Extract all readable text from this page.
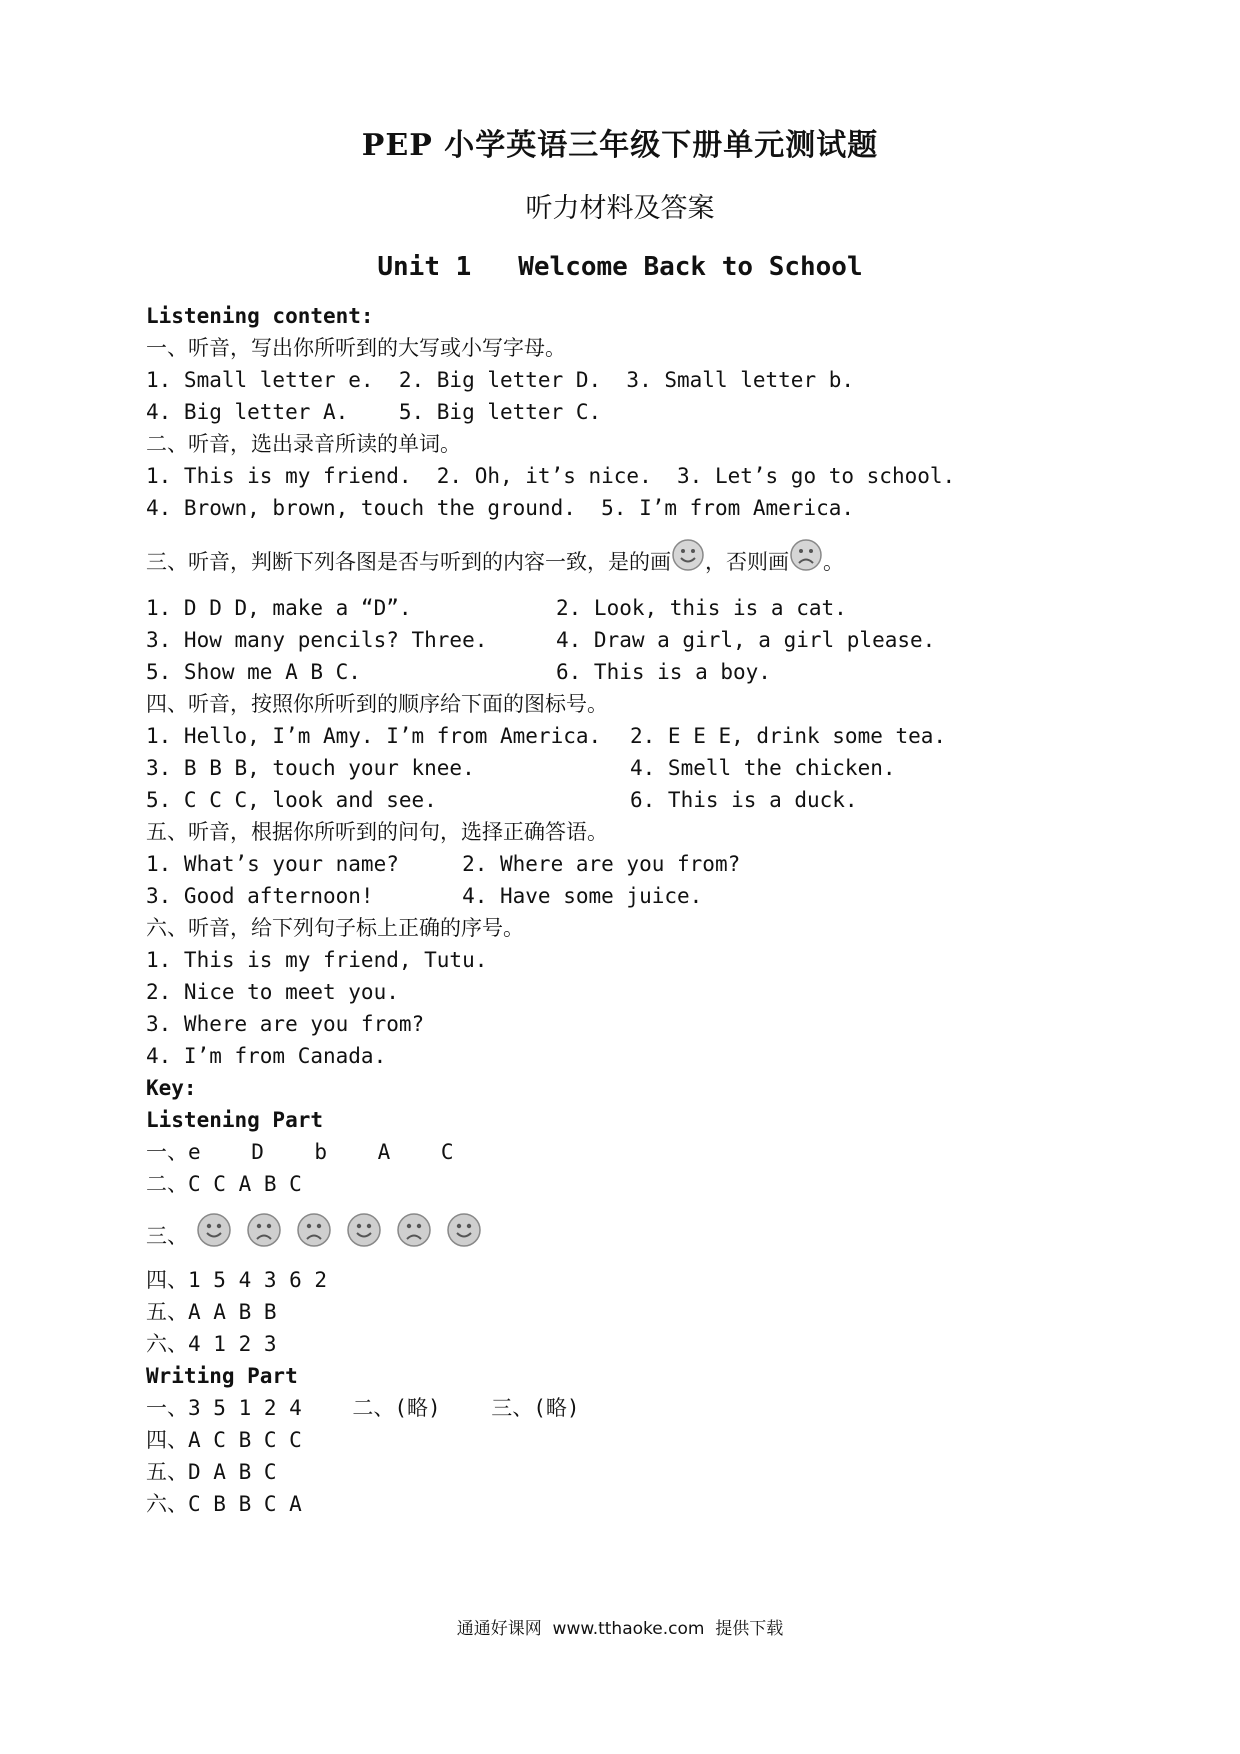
PEP 小学英语三年级下册单元测试题
听力材料及答案
Unit 1   Welcome Back to School
Listening content:
一、听音，写出你所听到的大写或小写字母。
1. Small letter e.  2. Big letter D.  3. Small letter b.
4. Big letter A.    5. Big letter C.
二、听音，选出录音所读的单词。
1. This is my friend.  2. Oh, it’s nice.  3. Let’s go to school.
4. Brown, brown, touch the ground.  5. I’m from America.
三、听音，判断下列各图是否与听到的内容一致，是的画 ，否则画 。
1. D D D, make a “D”.	2. Look, this is a cat.
3. How many pencils? Three.	4. Draw a girl, a girl please.
5. Show me A B C.	6. This is a boy.
四、听音，按照你所听到的顺序给下面的图标号。
1. Hello, I’m Amy. I’m from America. 2. E E E, drink some tea.
3. B B B, touch your knee.	4. Smell the chicken.
5. C C C, look and see.	6. This is a duck.
五、听音，根据你所听到的问句，选择正确答语。
1. What’s your name?     2. Where are you from?
3. Good afternoon!       4. Have some juice.
六、听音，给下列句子标上正确的序号。
1. This is my friend, Tutu.
2. Nice to meet you.
3. Where are you from?
4. I’m from Canada.
Key:
Listening Part
一、e    D    b    A    C
二、C C A B C
三、
四、1 5 4 3 6 2
五、A A B B
六、4 1 2 3
Writing Part
一、3 5 1 2 4    二、(略)    三、(略)
四、A C B C C
五、D A B C
六、C B B C A
通通好课网  www.tthaoke.com  提供下载
